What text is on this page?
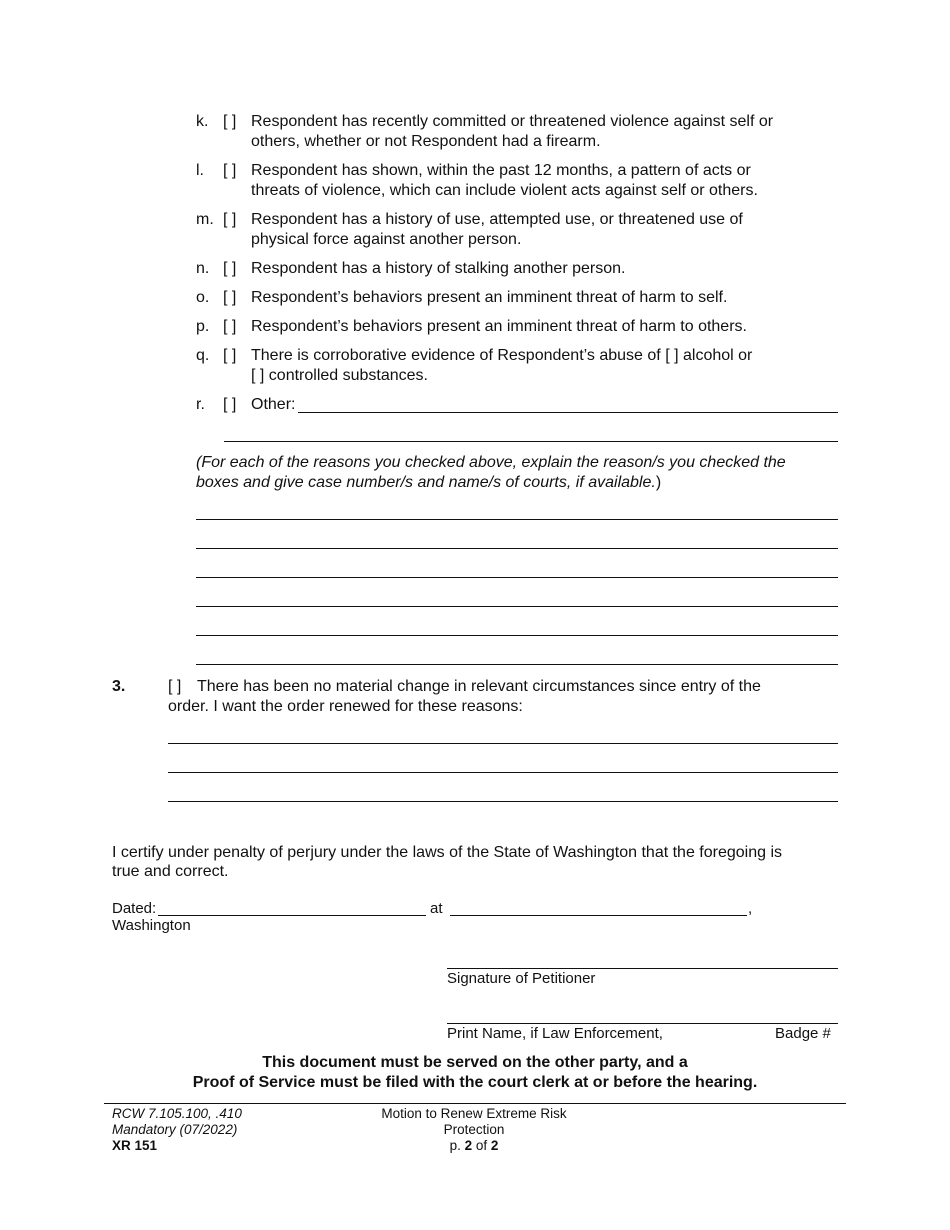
k. [ ] Respondent has recently committed or threatened violence against self or
others, whether or not Respondent had a firearm.
l. [ ] Respondent has shown, within the past 12 months, a pattern of acts or
threats of violence, which can include violent acts against self or others.
m. [ ] Respondent has a history of use, attempted use, or threatened use of
physical force against another person.
n. [ ] Respondent has a history of stalking another person.
o. [ ] Respondent’s behaviors present an imminent threat of harm to self.
p. [ ] Respondent’s behaviors present an imminent threat of harm to others.
q. [ ] There is corroborative evidence of Respondent’s abuse of [ ] alcohol or
[ ] controlled substances.
r. [ ] Other:
(For each of the reasons you checked above, explain the reason/s you checked the
boxes and give case number/s and name/s of courts, if available.)
3.	[ ] There has been no material change in relevant circumstances since entry of the
order. I want the order renewed for these reasons:
I certify under penalty of perjury under the laws of the State of Washington that the foregoing is
true and correct.
Dated:	at	,
Washington
Signature of Petitioner
Print Name, if Law Enforcement,	Badge #
This document must be served on the other party, and a
Proof of Service must be filed with the court clerk at or before the hearing.
RCW 7.105.100, .410
Mandatory (07/2022)
XR 151
Motion to Renew Extreme Risk
Protection
p. 2 of 2
